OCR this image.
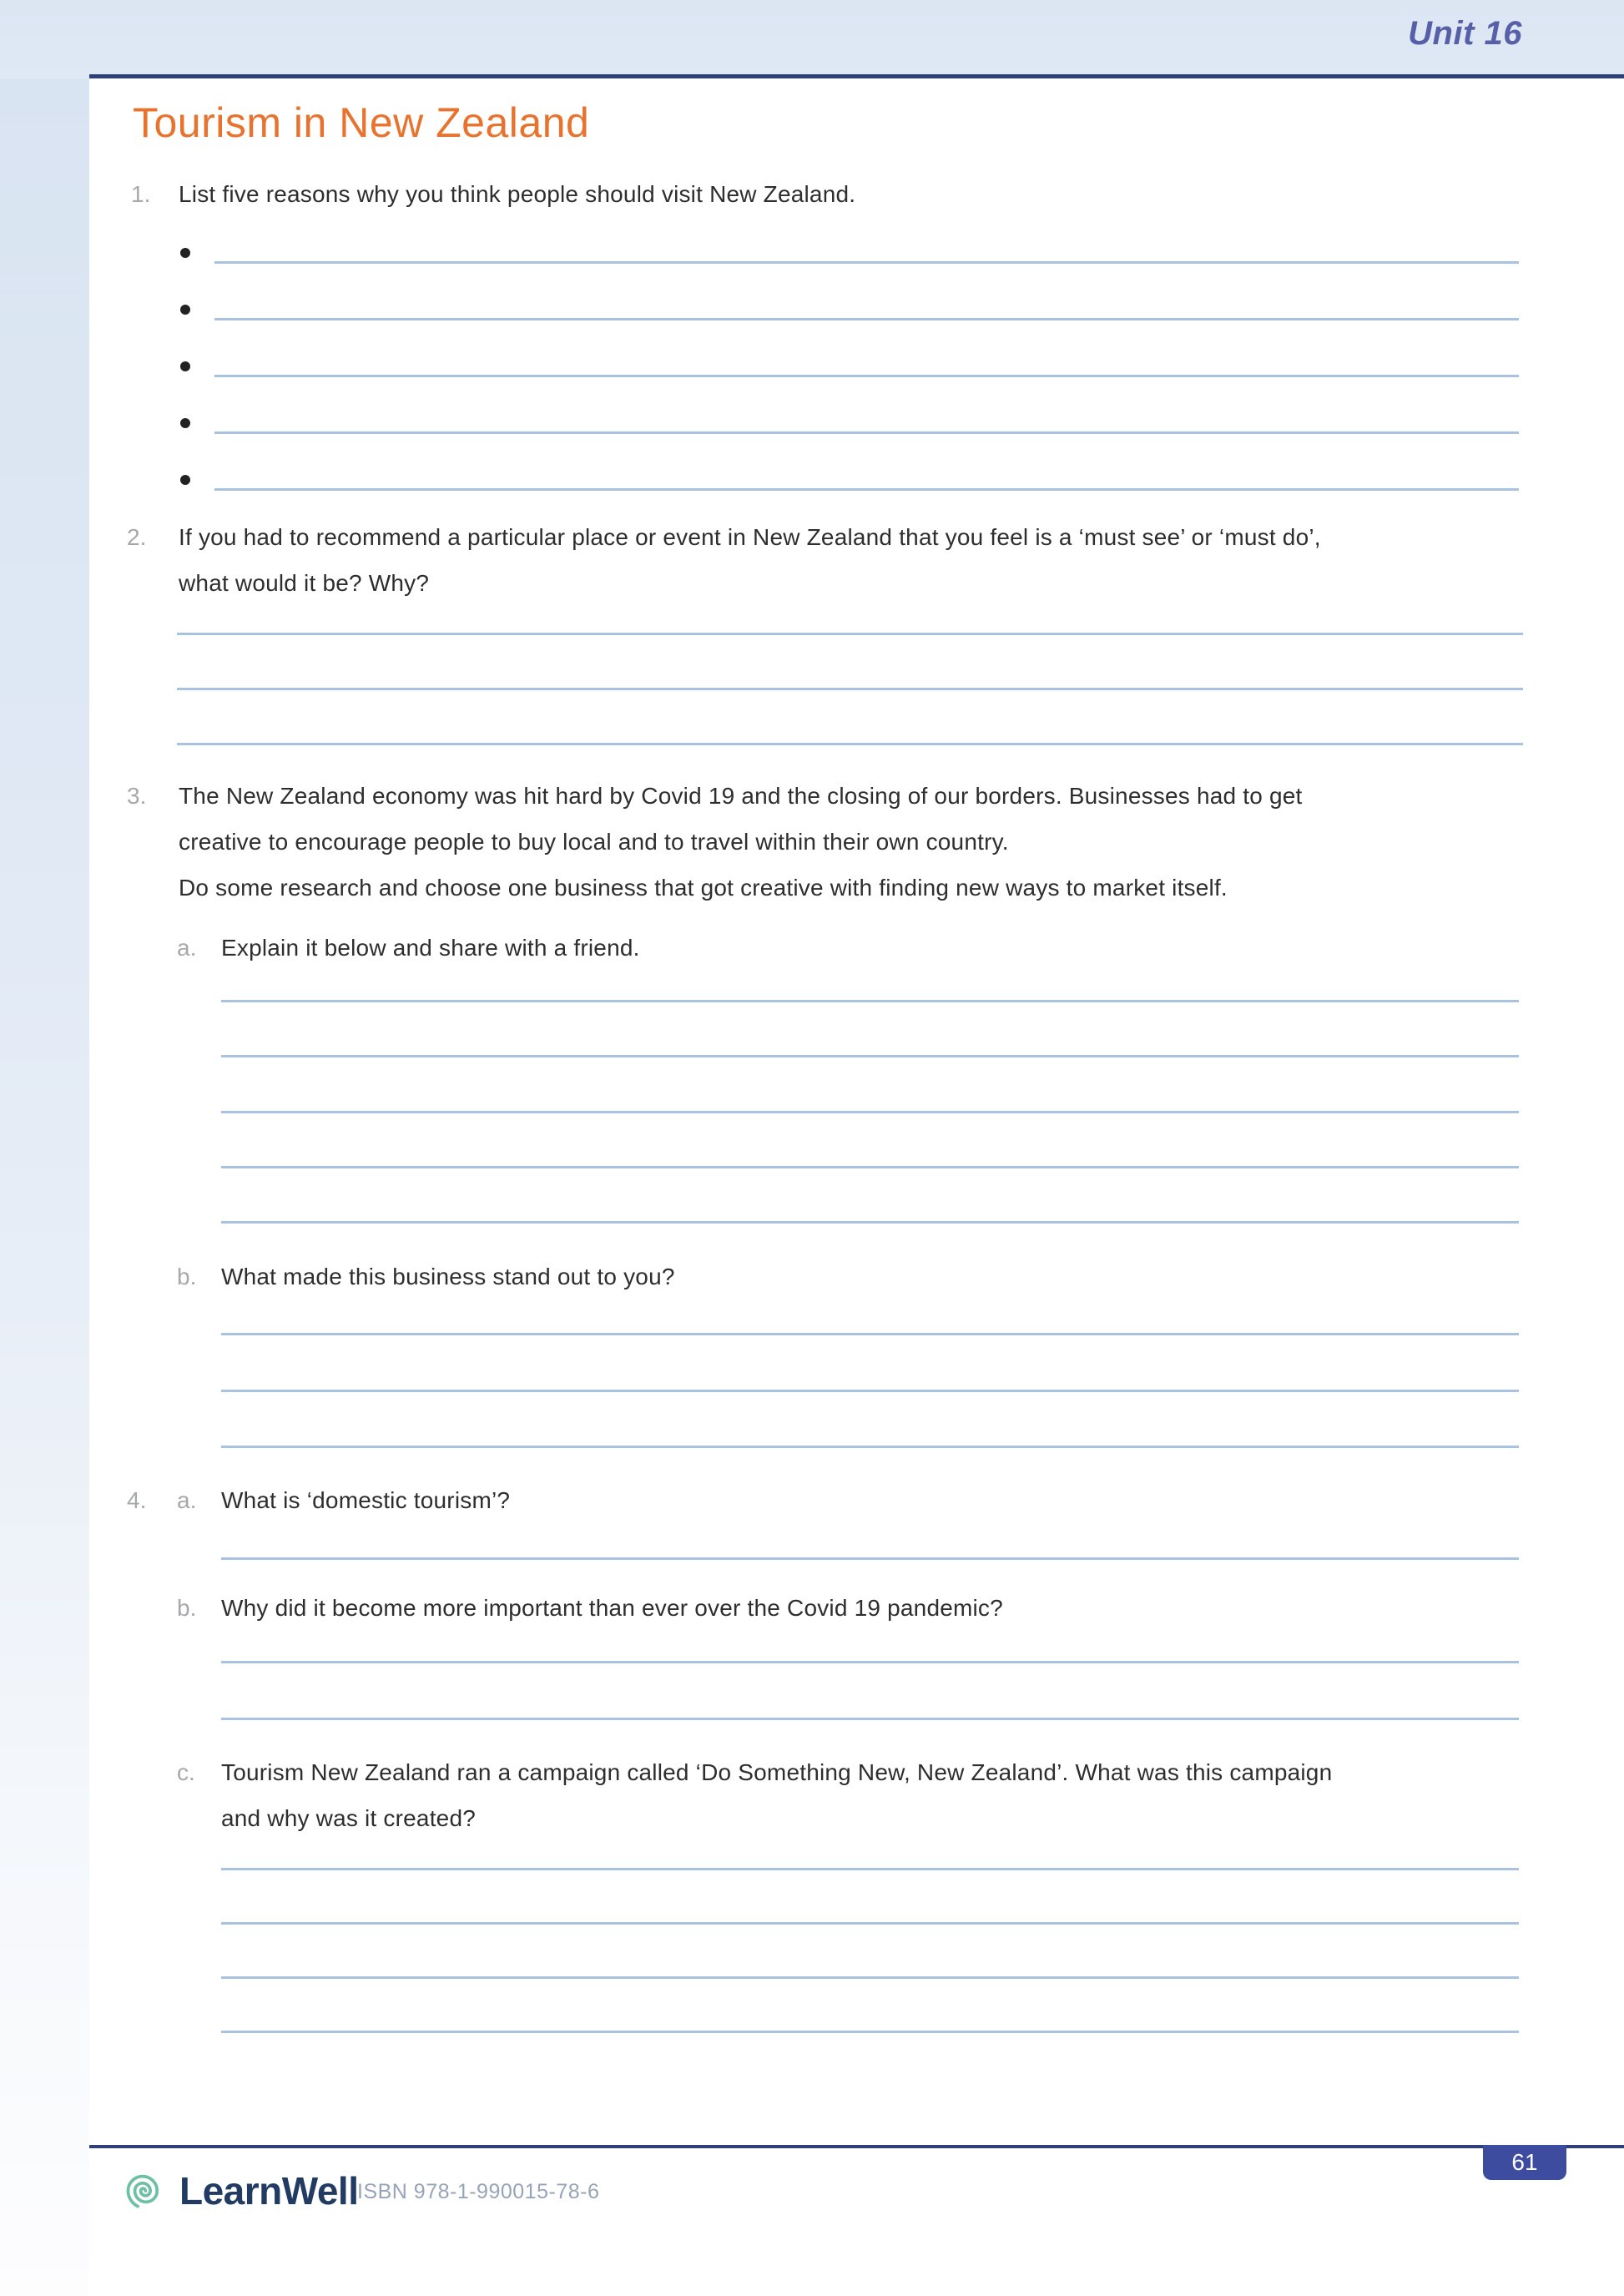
Unit 16
Tourism in New Zealand
1. List five reasons why you think people should visit New Zealand.
2. If you had to recommend a particular place or event in New Zealand that you feel is a ‘must see’ or ‘must do’,
what would it be? Why?
3. The New Zealand economy was hit hard by Covid 19 and the closing of our borders. Businesses had to get
creative to encourage people to buy local and to travel within their own country.
Do some research and choose one business that got creative with finding new ways to market itself.
a. Explain it below and share with a friend.
b. What made this business stand out to you?
4. a. What is ‘domestic tourism’?
b. Why did it become more important than ever over the Covid 19 pandemic?
c. Tourism New Zealand ran a campaign called ‘Do Something New, New Zealand’. What was this campaign
and why was it created?
61
LearnWell
ISBN 978-1-990015-78-6
